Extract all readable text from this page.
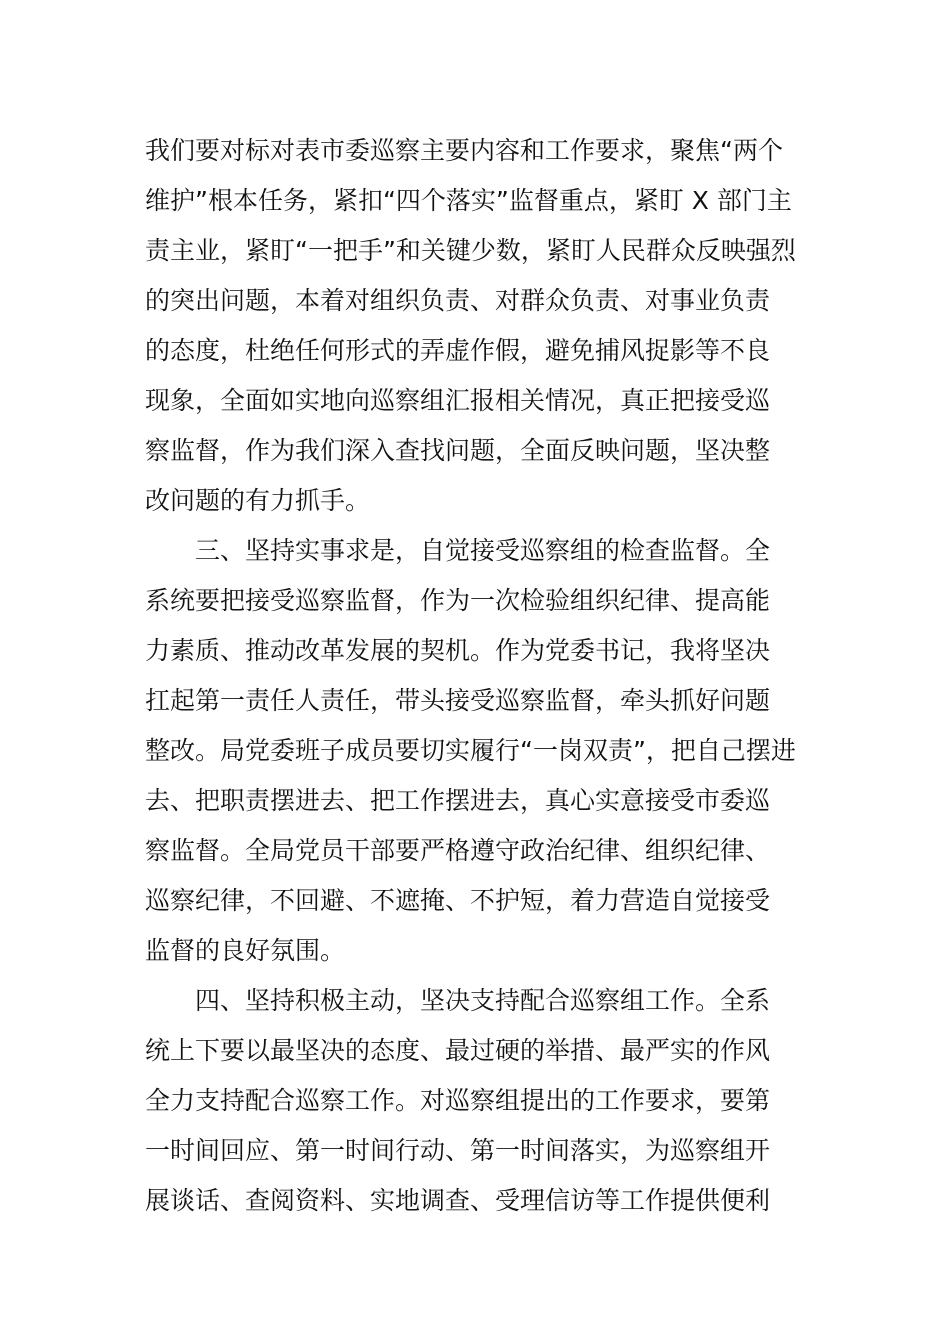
我们要对标对表市委巡察主要内容和工作要求，聚焦“两个
维护”根本任务，紧扣“四个落实”监督重点，紧盯 X 部门主
责主业，紧盯“一把手”和关键少数，紧盯人民群众反映强烈
的突出问题，本着对组织负责、对群众负责、对事业负责
的态度，杜绝任何形式的弄虚作假，避免捕风捉影等不良
现象，全面如实地向巡察组汇报相关情况，真正把接受巡
察监督，作为我们深入查找问题，全面反映问题，坚决整
改问题的有力抓手。
　　三、坚持实事求是，自觉接受巡察组的检查监督。全
系统要把接受巡察监督，作为一次检验组织纪律、提高能
力素质、推动改革发展的契机。作为党委书记，我将坚决
扛起第一责任人责任，带头接受巡察监督，牵头抓好问题
整改。局党委班子成员要切实履行“一岗双责”，把自己摆进
去、把职责摆进去、把工作摆进去，真心实意接受市委巡
察监督。全局党员干部要严格遵守政治纪律、组织纪律、
巡察纪律，不回避、不遮掩、不护短，着力营造自觉接受
监督的良好氛围。
　　四、坚持积极主动，坚决支持配合巡察组工作。全系
统上下要以最坚决的态度、最过硬的举措、最严实的作风
全力支持配合巡察工作。对巡察组提出的工作要求，要第
一时间回应、第一时间行动、第一时间落实，为巡察组开
展谈话、查阅资料、实地调查、受理信访等工作提供便利
